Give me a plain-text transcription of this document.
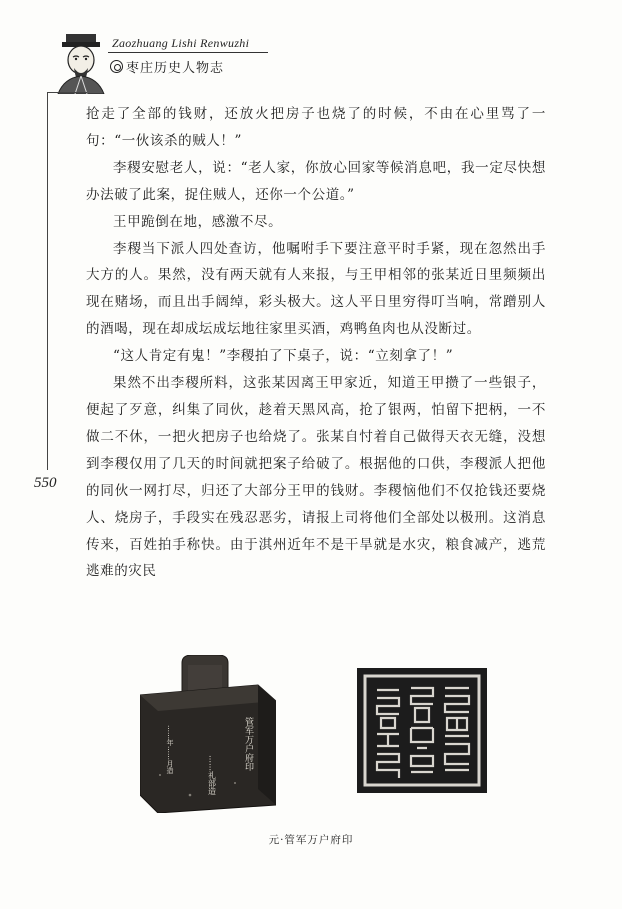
Zaozhuang Lishi Renwuzhi
枣庄历史人物志
550

抢走了全部的钱财，还放火把房子也烧了的时候，不由在心里骂了一句：“一伙该杀的贼人！”

李稷安慰老人，说：“老人家，你放心回家等候消息吧，我一定尽快想办法破了此案，捉住贼人，还你一个公道。”

王甲跪倒在地，感激不尽。

李稷当下派人四处查访，他嘱咐手下要注意平时手紧，现在忽然出手大方的人。果然，没有两天就有人来报，与王甲相邻的张某近日里频频出现在赌场，而且出手阔绰，彩头极大。这人平日里穷得叮当响，常蹭别人的酒喝，现在却成坛成坛地往家里买酒，鸡鸭鱼肉也从没断过。

“这人肯定有鬼！”李稷拍了下桌子，说：“立刻拿了！”

果然不出李稷所料，这张某因离王甲家近，知道王甲攒了一些银子，便起了歹意，纠集了同伙，趁着天黑风高，抢了银两，怕留下把柄，一不做二不休，一把火把房子也给烧了。张某自忖着自己做得天衣无缝，没想到李稷仅用了几天的时间就把案子给破了。根据他的口供，李稷派人把他的同伙一网打尽，归还了大部分王甲的钱财。李稷恼他们不仅抢钱还要烧人、烧房子，手段实在残忍恶劣，请报上司将他们全部处以极刑。这消息传来，百姓拍手称快。由于淇州近年不是干旱就是水灾，粮食减产，逃荒逃难的灾民

管军万户府印
……年……月造
……礼部造
元·管军万户府印
